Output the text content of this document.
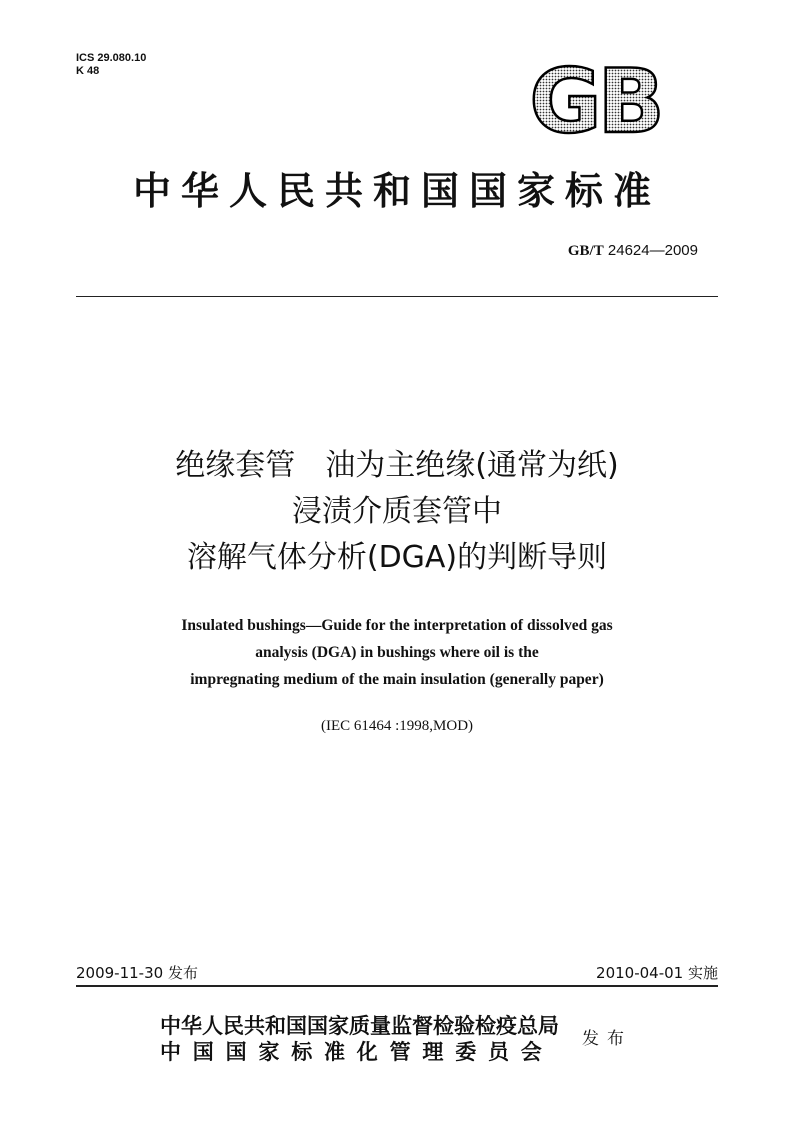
ICS 29.080.10
K 48	GB
中华人民共和国国家标准
GB/T 24624—2009
绝缘套管　油为主绝缘(通常为纸)
浸渍介质套管中
溶解气体分析(DGA)的判断导则
Insulated bushings—Guide for the interpretation of dissolved gas
analysis (DGA) in bushings where oil is the
impregnating medium of the main insulation (generally paper)
(IEC 61464 :1998,MOD)
2009-11-30 发布	2010-04-01 实施
中华人民共和国国家质量监督检验检疫总局
中国国家标准化管理委员会
发布
